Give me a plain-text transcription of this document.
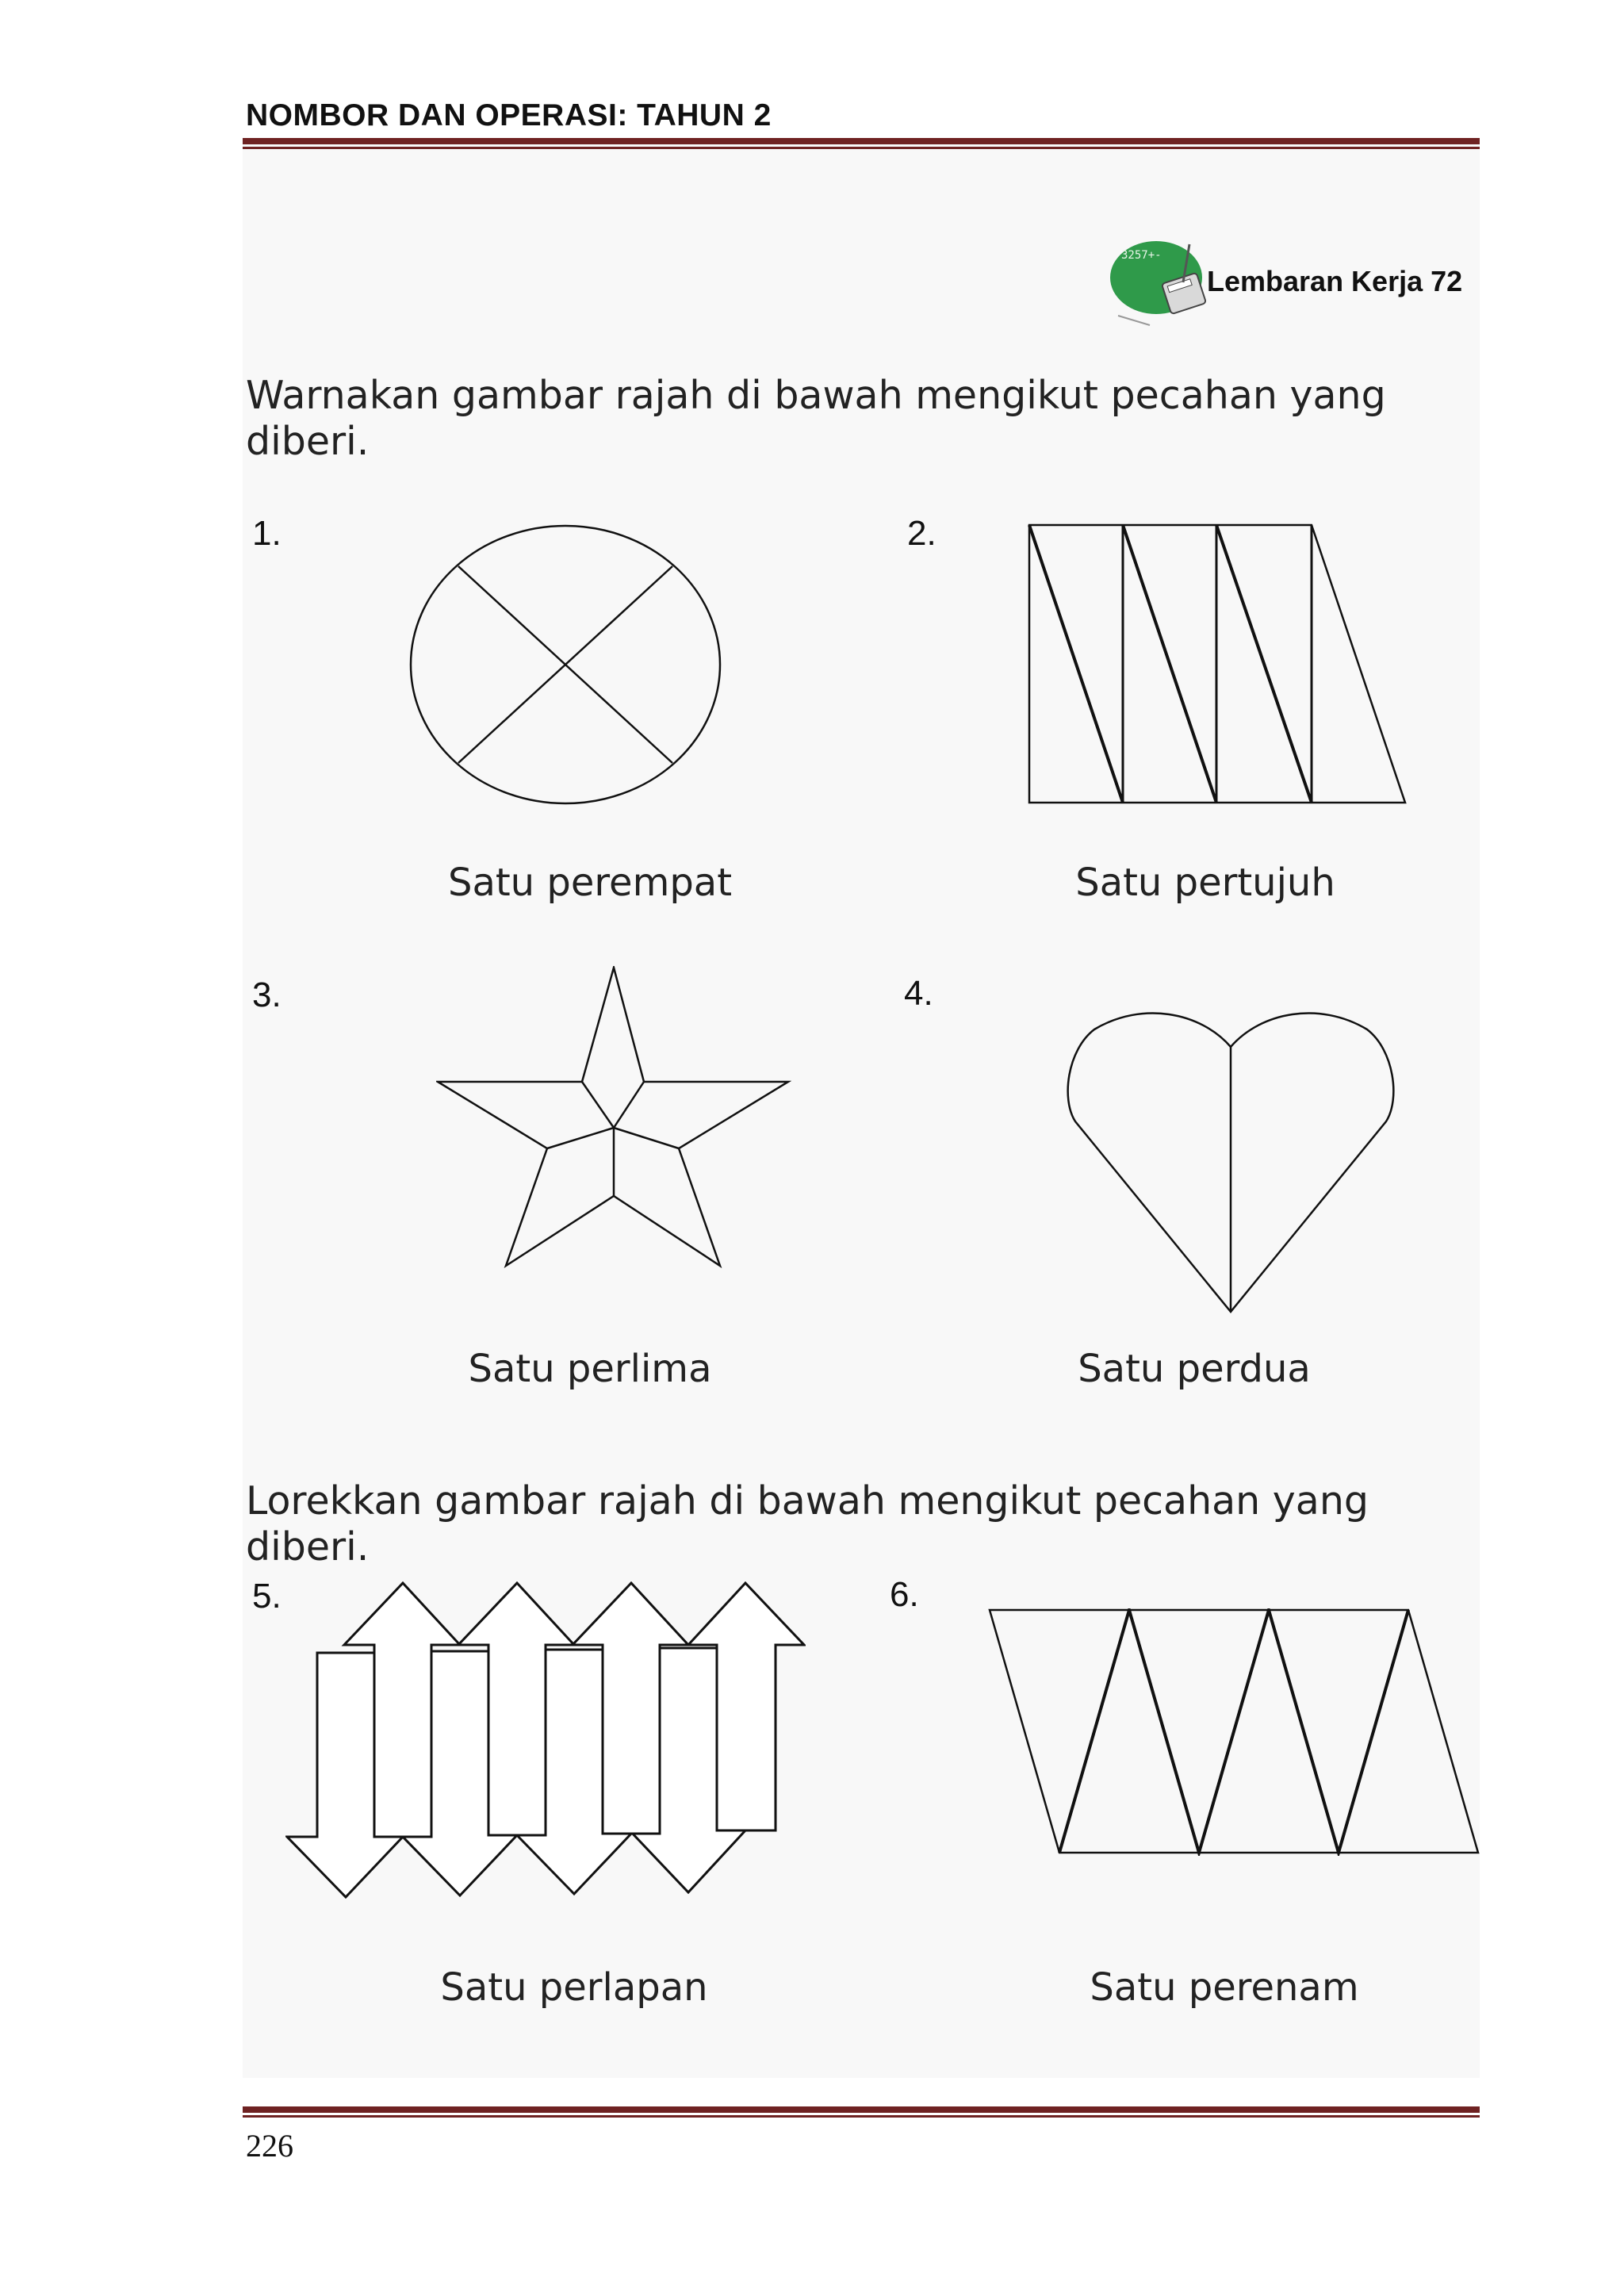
NOMBOR DAN OPERASI: TAHUN 2
3257+-
Lembaran Kerja 72
Warnakan gambar rajah di bawah mengikut pecahan yang diberi.
1.
Satu perempat
2.
Satu pertujuh
3.
Satu perlima
4.
Satu perdua
Lorekkan gambar rajah di bawah mengikut pecahan yang diberi.
5.
Satu perlapan
6.
Satu perenam
226
